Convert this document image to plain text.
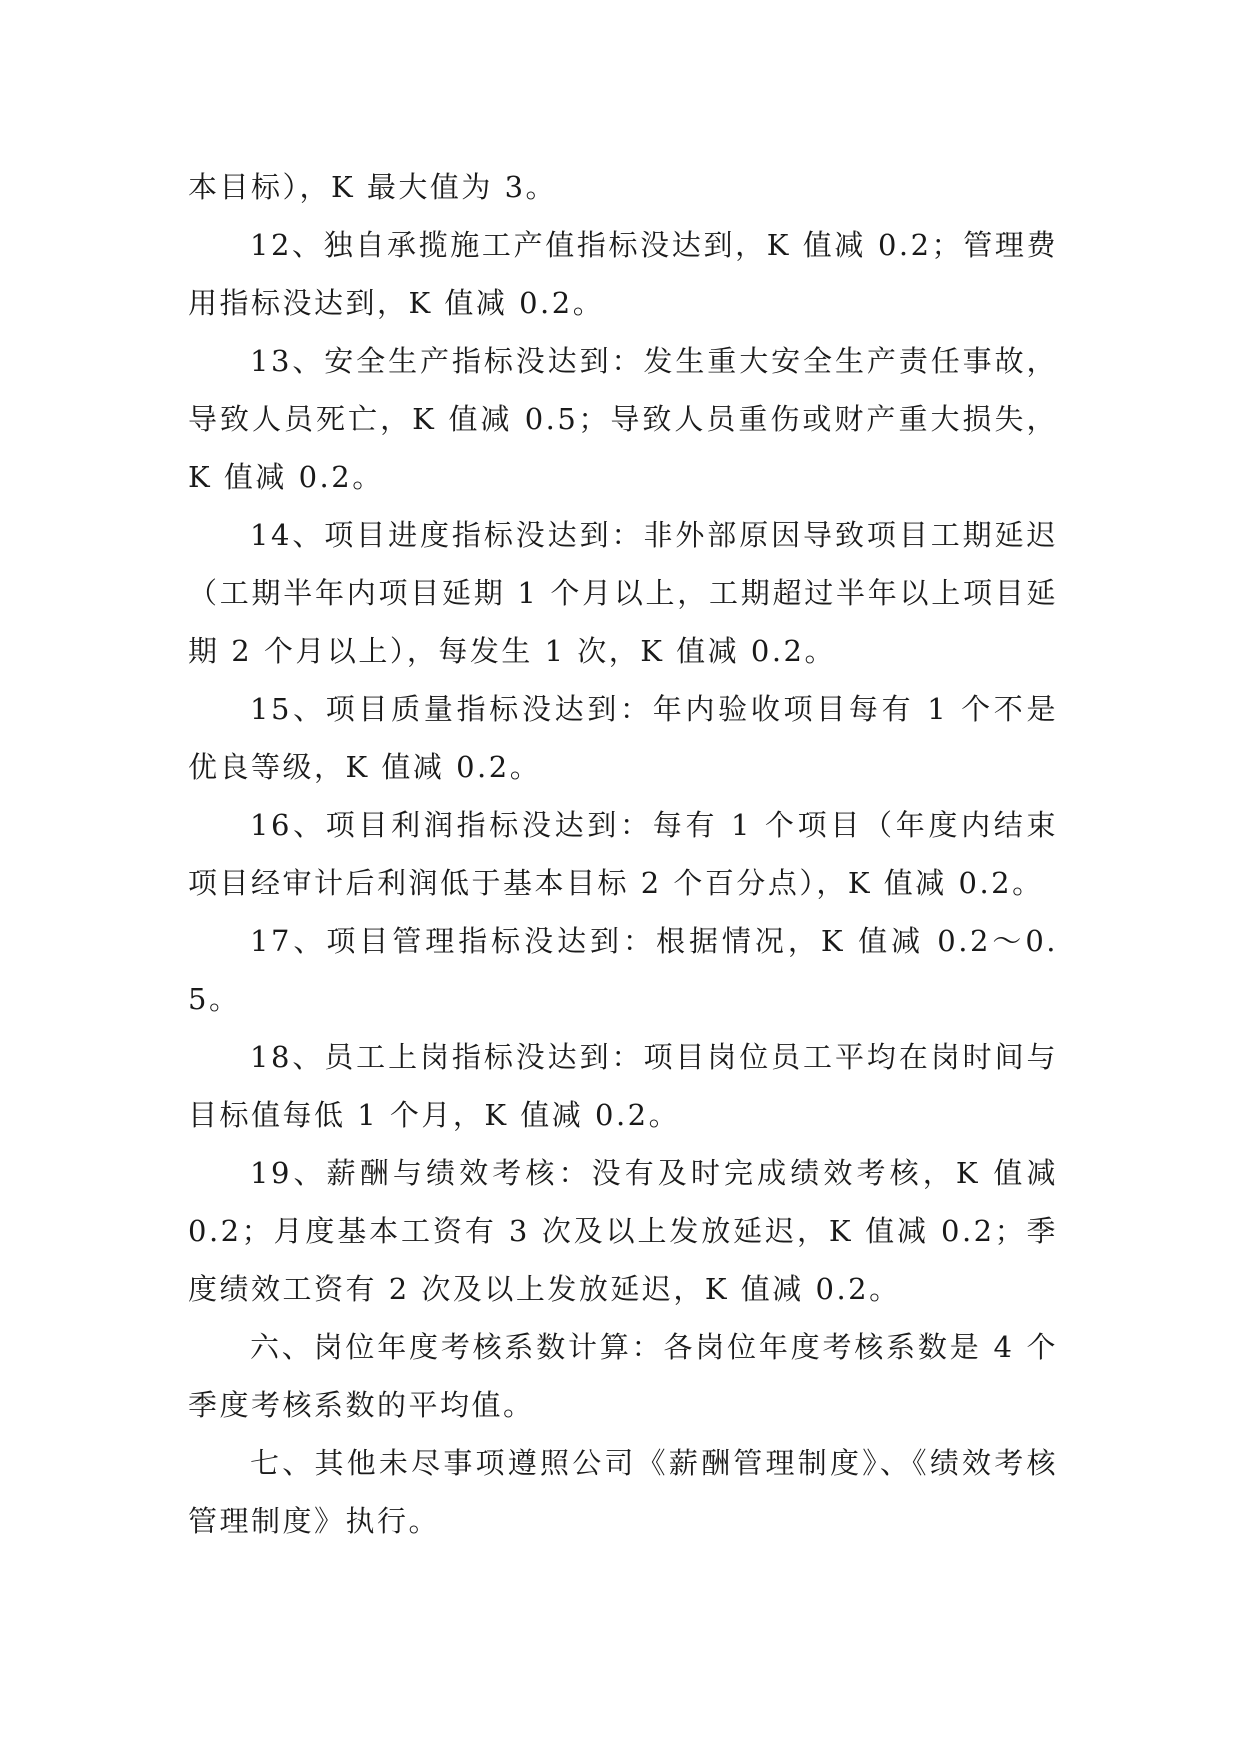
本目标），K 最大值为 3。

12、独自承揽施工产值指标没达到，K 值减 0.2；管理费用指标没达到，K 值减 0.2。

13、安全生产指标没达到：发生重大安全生产责任事故，导致人员死亡，K 值减 0.5；导致人员重伤或财产重大损失，K 值减 0.2。

14、项目进度指标没达到：非外部原因导致项目工期延迟（工期半年内项目延期 1 个月以上，工期超过半年以上项目延期 2 个月以上），每发生 1 次，K 值减 0.2。

15、项目质量指标没达到：年内验收项目每有 1 个不是优良等级，K 值减 0.2。

16、项目利润指标没达到：每有 1 个项目（年度内结束项目经审计后利润低于基本目标 2 个百分点），K 值减 0.2。

17、项目管理指标没达到：根据情况，K 值减 0.2～0.5。

18、员工上岗指标没达到：项目岗位员工平均在岗时间与目标值每低 1 个月，K 值减 0.2。

19、薪酬与绩效考核：没有及时完成绩效考核，K 值减 0.2；月度基本工资有 3 次及以上发放延迟，K 值减 0.2；季度绩效工资有 2 次及以上发放延迟，K 值减 0.2。

六、岗位年度考核系数计算：各岗位年度考核系数是 4 个季度考核系数的平均值。

七、其他未尽事项遵照公司《薪酬管理制度》、《绩效考核管理制度》执行。
